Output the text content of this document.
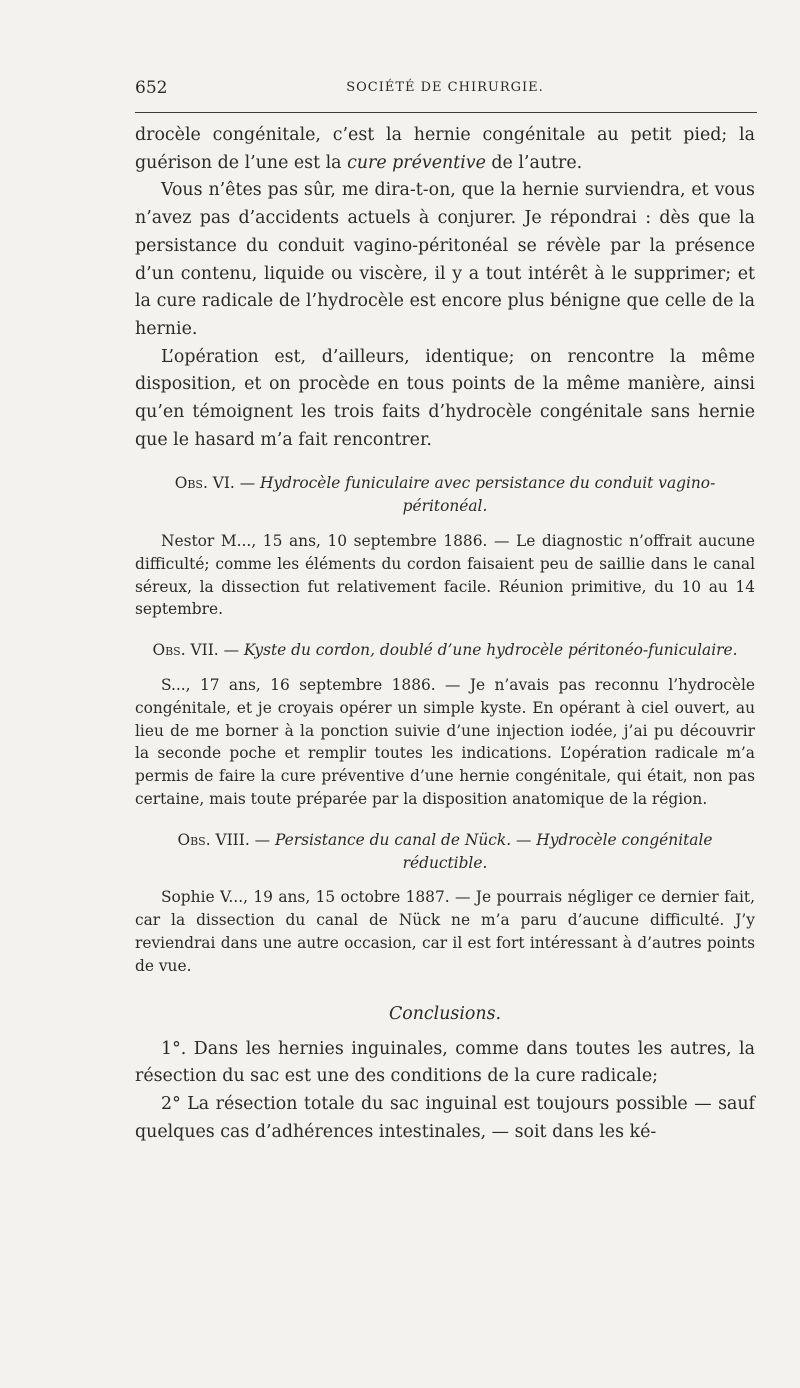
652	SOCIÉTÉ DE CHIRURGIE.

drocèle congénitale, c’est la hernie congénitale au petit pied; la guérison de l’une est la cure préventive de l’autre.

Vous n’êtes pas sûr, me dira-t-on, que la hernie surviendra, et vous n’avez pas d’accidents actuels à conjurer. Je répondrai : dès que la persistance du conduit vagino-péritonéal se révèle par la présence d’un contenu, liquide ou viscère, il y a tout intérêt à le supprimer; et la cure radicale de l’hydrocèle est encore plus bénigne que celle de la hernie.

L’opération est, d’ailleurs, identique; on rencontre la même disposition, et on procède en tous points de la même manière, ainsi qu’en témoignent les trois faits d’hydrocèle congénitale sans hernie que le hasard m’a fait rencontrer.

Obs. VI. — Hydrocèle funiculaire avec persistance du conduit vagino-péritonéal.

Nestor M..., 15 ans, 10 septembre 1886. — Le diagnostic n’offrait aucune difficulté; comme les éléments du cordon faisaient peu de saillie dans le canal séreux, la dissection fut relativement facile. Réunion primitive, du 10 au 14 septembre.

Obs. VII. — Kyste du cordon, doublé d’une hydrocèle péritonéo-funiculaire.

S..., 17 ans, 16 septembre 1886. — Je n’avais pas reconnu l’hydrocèle congénitale, et je croyais opérer un simple kyste. En opérant à ciel ouvert, au lieu de me borner à la ponction suivie d’une injection iodée, j’ai pu découvrir la seconde poche et remplir toutes les indications. L’opération radicale m’a permis de faire la cure préventive d’une hernie congénitale, qui était, non pas certaine, mais toute préparée par la disposition anatomique de la région.

Obs. VIII. — Persistance du canal de Nück. — Hydrocèle congénitale réductible.

Sophie V..., 19 ans, 15 octobre 1887. — Je pourrais négliger ce dernier fait, car la dissection du canal de Nück ne m’a paru d’aucune difficulté. J’y reviendrai dans une autre occasion, car il est fort intéressant à d’autres points de vue.

Conclusions.

1°. Dans les hernies inguinales, comme dans toutes les autres, la résection du sac est une des conditions de la cure radicale;

2° La résection totale du sac inguinal est toujours possible — sauf quelques cas d’adhérences intestinales, — soit dans les ké-
